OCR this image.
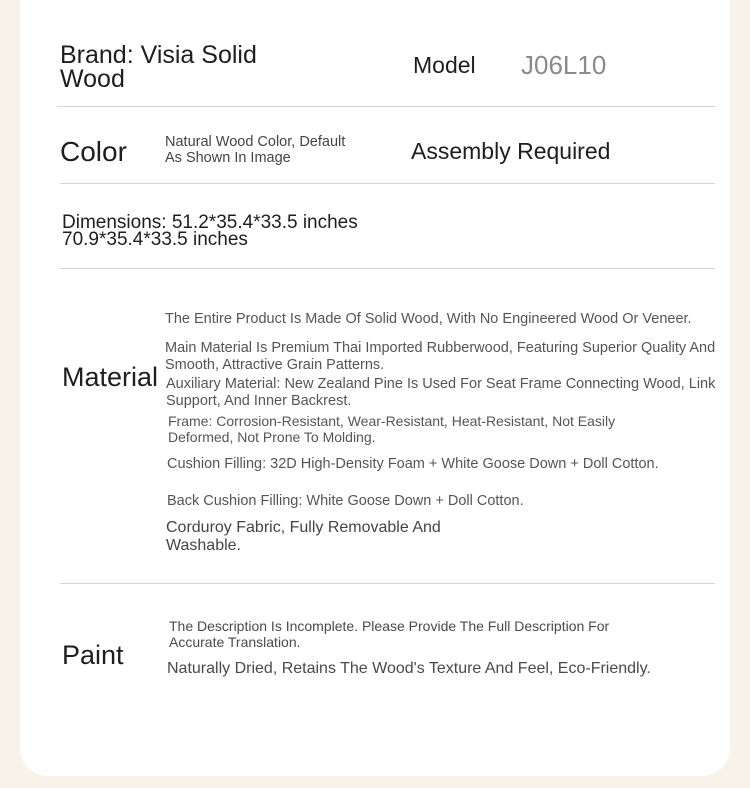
Brand: Visia Solid Wood	Model J06L10
Color	Natural Wood Color, Default As Shown In Image	Assembly Required
Dimensions: 51.2*35.4*33.5 inches
70.9*35.4*33.5 inches
Material
The Entire Product Is Made Of Solid Wood, With No Engineered Wood Or Veneer.
Main Material Is Premium Thai Imported Rubberwood, Featuring Superior Quality And Smooth, Attractive Grain Patterns.
Auxiliary Material: New Zealand Pine Is Used For Seat Frame Connecting Wood, Link Support, And Inner Backrest.
Frame: Corrosion-Resistant, Wear-Resistant, Heat-Resistant, Not Easily Deformed, Not Prone To Molding.
Cushion Filling: 32D High-Density Foam + White Goose Down + Doll Cotton.
Back Cushion Filling: White Goose Down + Doll Cotton.
Corduroy Fabric, Fully Removable And Washable.
Paint
The Description Is Incomplete. Please Provide The Full Description For Accurate Translation.
Naturally Dried, Retains The Wood's Texture And Feel, Eco-Friendly.
